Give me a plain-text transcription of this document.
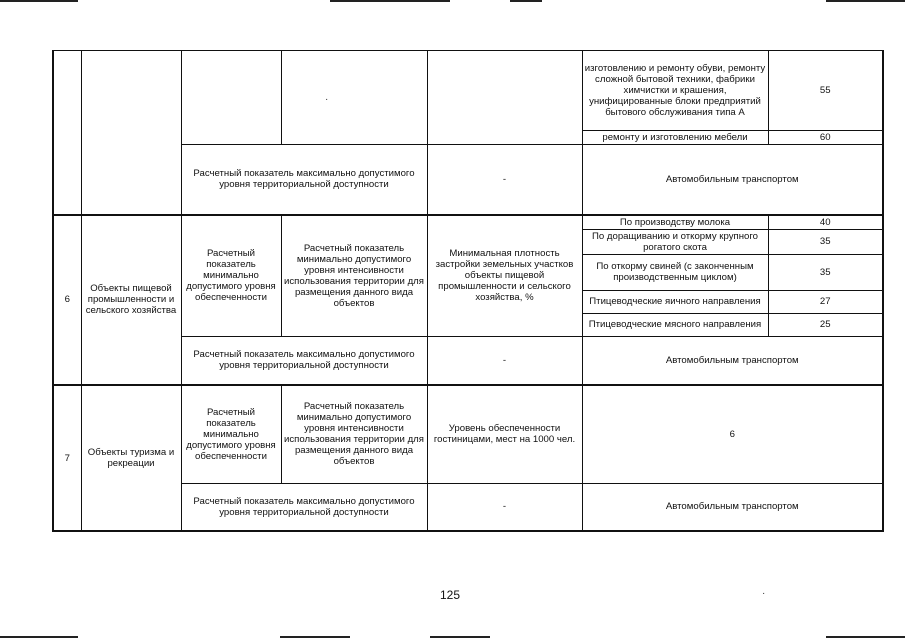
					изготовлению и ремонту обуви, ремонту сложной бытовой техники, фабрики химчистки и крашения, унифицированные блоки предприятий бытового обслуживания типа А	55
					ремонту и изготовлению мебели	60
		Расчетный показатель максимально допустимого уровня территориальной доступности		-	Автомобильным транспортом	
6	Объекты пищевой промышленности и сельского хозяйства	Расчетный показатель минимально допустимого уровня обеспеченности	Расчетный показатель минимально допустимого уровня интенсивности использования территории для размещения данного вида объектов	Минимальная плотность застройки земельных участков объекты пищевой промышленности и сельского хозяйства, %	По производству молока	40
					По доращиванию и откорму крупного рогатого скота	35
					По откорму свиней (с законченным производственным циклом)	35
					Птицеводческие яичного направления	27
					Птицеводческие мясного направления	25
		Расчетный показатель максимально допустимого уровня территориальной доступности		-	Автомобильным транспортом	
7	Объекты туризма и рекреации	Расчетный показатель минимально допустимого уровня обеспеченности	Расчетный показатель минимально допустимого уровня интенсивности использования территории для размещения данного вида объектов	Уровень обеспеченности гостиницами, мест на 1000 чел.	6	
		Расчетный показатель максимально допустимого уровня территориальной доступности		-	Автомобильным транспортом	
·
·
125
